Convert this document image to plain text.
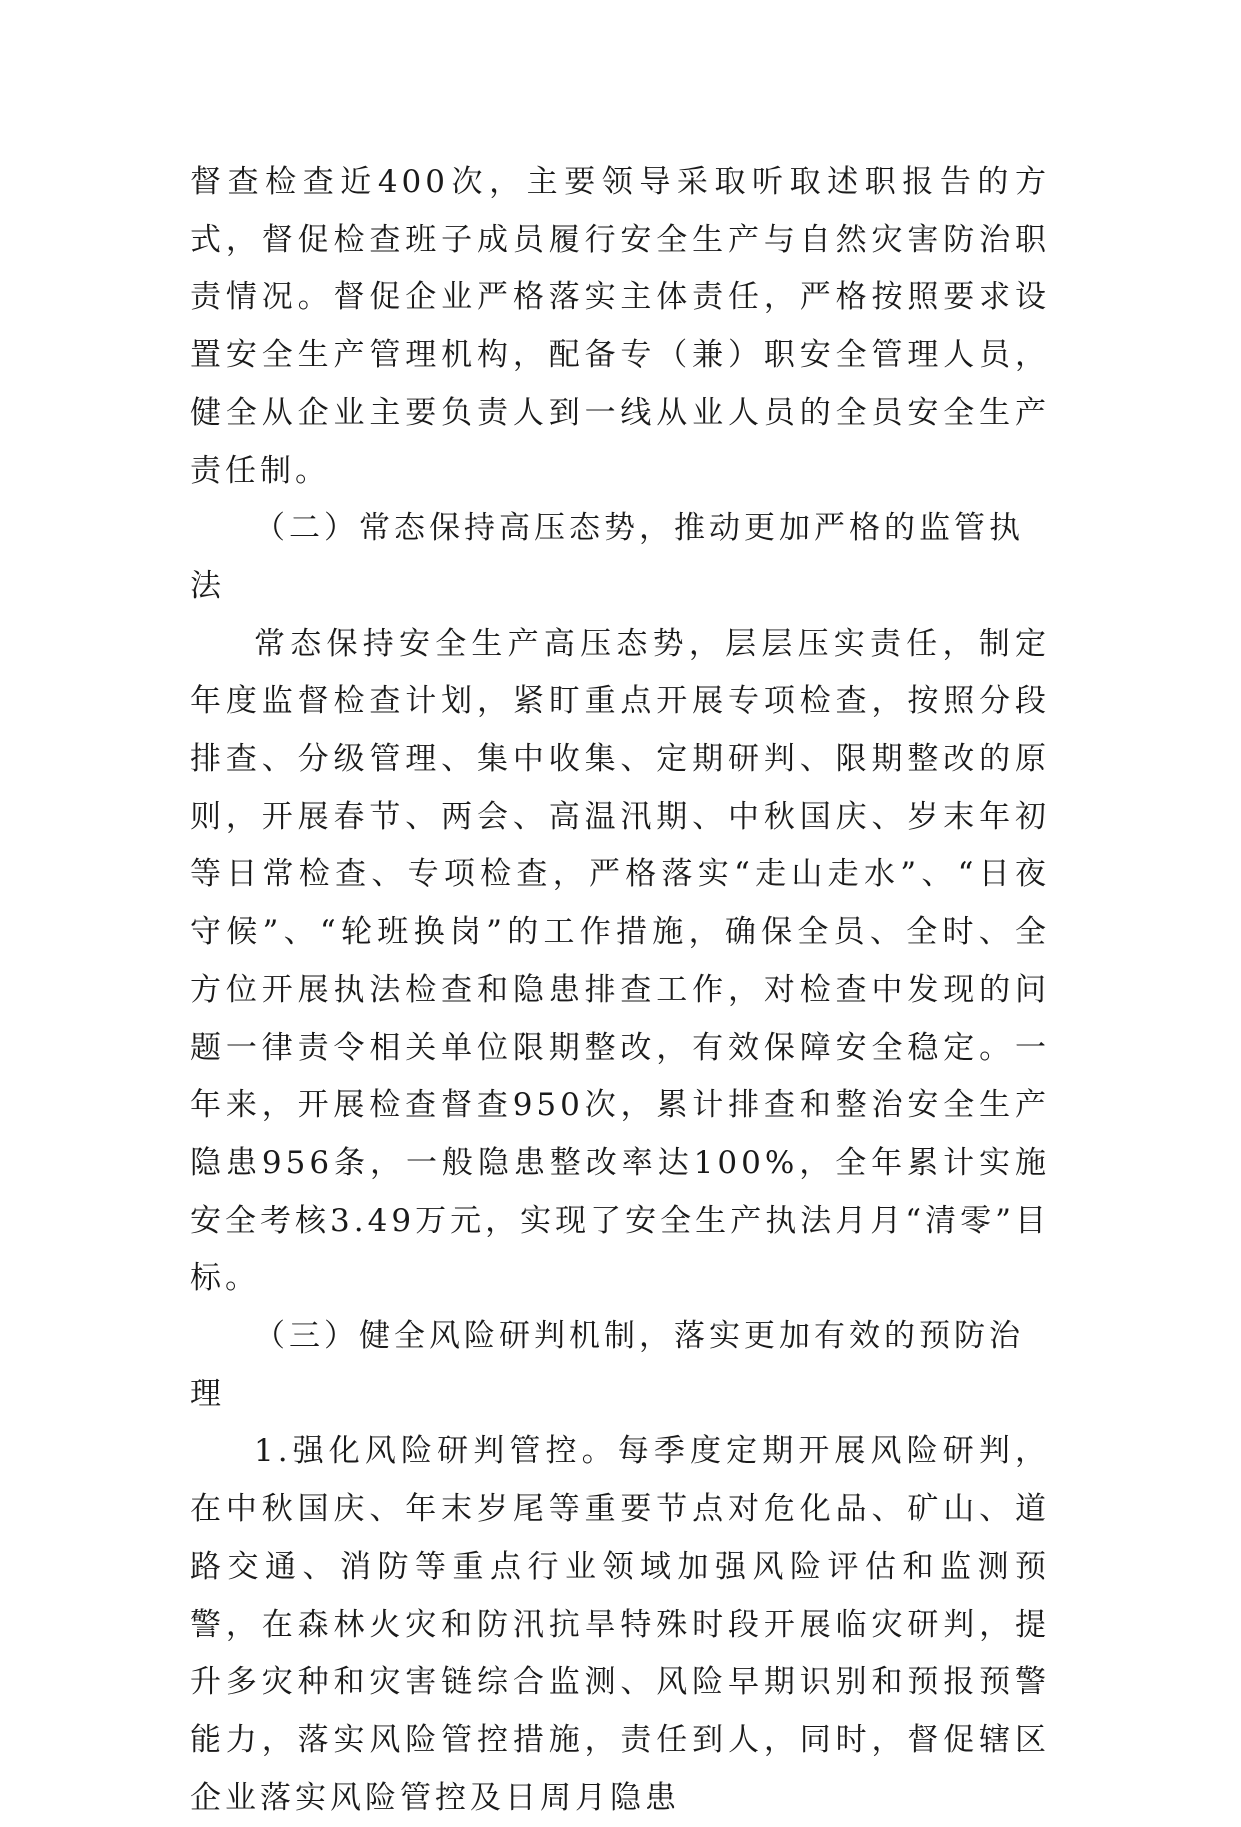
督查检查近400次，主要领导采取听取述职报告的方式，督促检查班子成员履行安全生产与自然灾害防治职责情况。督促企业严格落实主体责任，严格按照要求设置安全生产管理机构，配备专（兼）职安全管理人员，健全从企业主要负责人到一线从业人员的全员安全生产责任制。

（二）常态保持高压态势，推动更加严格的监管执法

常态保持安全生产高压态势，层层压实责任，制定年度监督检查计划，紧盯重点开展专项检查，按照分段排查、分级管理、集中收集、定期研判、限期整改的原则，开展春节、两会、高温汛期、中秋国庆、岁末年初等日常检查、专项检查，严格落实“走山走水”、“日夜守候”、“轮班换岗”的工作措施，确保全员、全时、全方位开展执法检查和隐患排查工作，对检查中发现的问题一律责令相关单位限期整改，有效保障安全稳定。一年来，开展检查督查950次，累计排查和整治安全生产隐患956条，一般隐患整改率达100%，全年累计实施安全考核3.49万元，实现了安全生产执法月月“清零”目标。

（三）健全风险研判机制，落实更加有效的预防治理

1.强化风险研判管控。每季度定期开展风险研判，在中秋国庆、年末岁尾等重要节点对危化品、矿山、道路交通、消防等重点行业领域加强风险评估和监测预警，在森林火灾和防汛抗旱特殊时段开展临灾研判，提升多灾种和灾害链综合监测、风险早期识别和预报预警能力，落实风险管控措施，责任到人，同时，督促辖区企业落实风险管控及日周月隐患
